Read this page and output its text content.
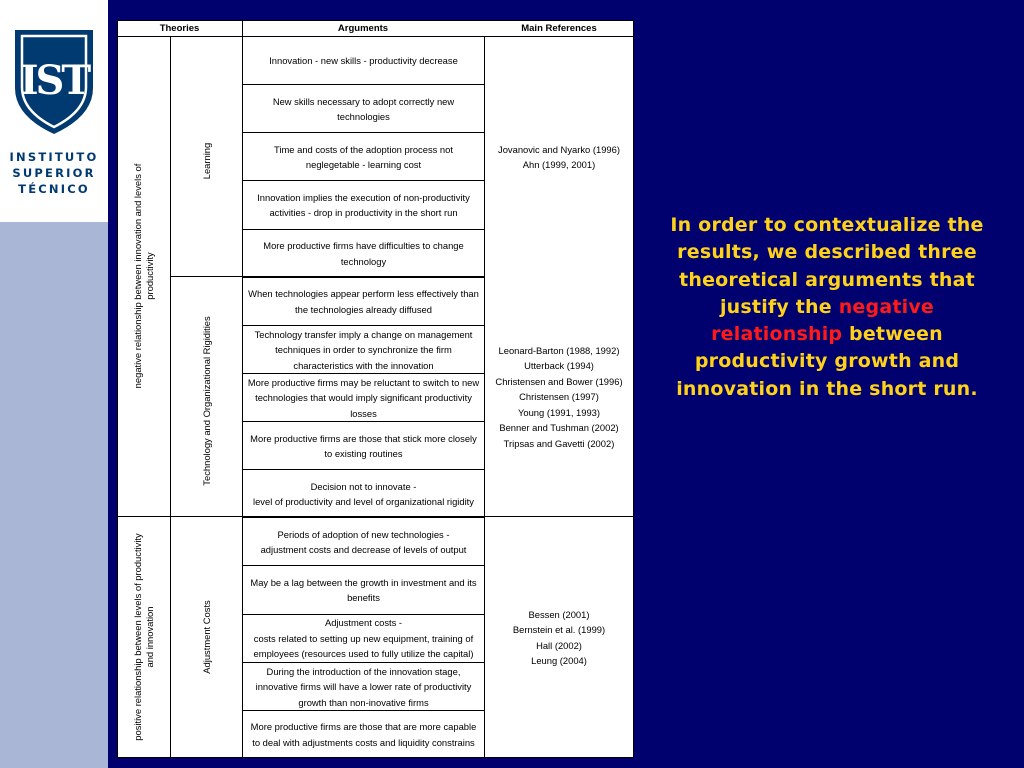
IST
INSTITUTO
SUPERIOR
TÉCNICO
Theories	Arguments	Main References
negative relationship between innovation and levels of productivity
positive relationship between levels of productivity
and innovation
Learning
Technology and Organizational Rigidities
Adjustment Costs
Innovation - new skills - productivity decrease
New skills necessary to adopt correctly new technologies
Time and costs of the adoption process not neglegetable - learning cost
Innovation implies the execution of non-productivity activities - drop in productivity in the short run
More productive firms have difficulties to change technology
When technologies appear perform less effectively than the technologies already diffused
Technology transfer imply a change on management techniques in order to synchronize the firm characteristics with the innovation
More productive firms may be reluctant to switch to new technologies that would imply significant productivity losses
More productive firms are those that stick more closely to existing routines
Decision not to innovate -
level of productivity and level of organizational rigidity
Periods of adoption of new technologies -
adjustment costs and decrease of levels of output
May be a lag between the growth in investment and its benefits
Adjustment costs -
costs related to setting up new equipment, training of employees (resources used to fully utilize the capital)
During the introduction of the innovation stage, innovative firms will have a lower rate of productivity growth than non-inovative firms
More productive firms are those that are more capable to deal with adjustments costs and liquidity constrains
Jovanovic and Nyarko (1996)
Ahn (1999, 2001)
Leonard-Barton (1988, 1992)
Utterback (1994)
Christensen and Bower (1996)
Christensen (1997)
Young (1991, 1993)
Benner and Tushman (2002)
Tripsas and Gavetti (2002)
Bessen (2001)
Bernstein et al. (1999)
Hall (2002)
Leung (2004)
In order to contextualize the results, we described three theoretical arguments that justify the negative relationship between productivity growth and innovation in the short run.
